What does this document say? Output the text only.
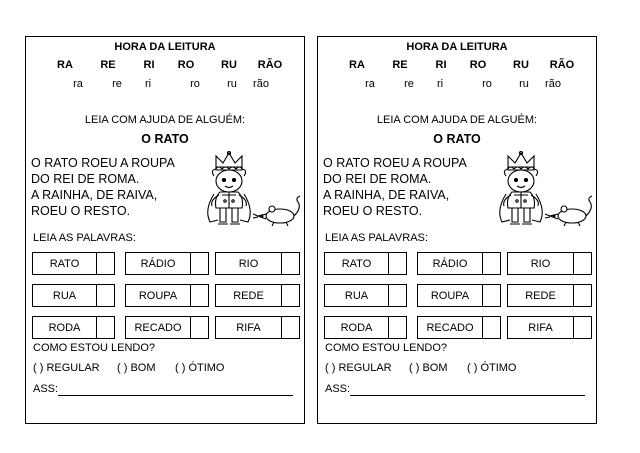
HORA DA LEITURA
RA RE	RI RO RU RÃO
ra	re ri	ro ru rão
LEIA COM AJUDA DE ALGUÉM:
O RATO
O RATO ROEU A ROUPA
DO REI DE ROMA.
A RAINHA, DE RAIVA,
ROEU O RESTO.
LEIA AS PALAVRAS:
RATO	RÁDIO	RIO
RUA	ROUPA	REDE
RODA	RECADO	RIFA
COMO ESTOU LENDO?
( ) REGULAR ( ) BOM ( ) ÓTIMO
ASS:
HORA DA LEITURA
RA RE	RI RO RU RÃO
ra	re ri	ro ru rão
LEIA COM AJUDA DE ALGUÉM:
O RATO
O RATO ROEU A ROUPA
DO REI DE ROMA.
A RAINHA, DE RAIVA,
ROEU O RESTO.
LEIA AS PALAVRAS:
RATO	RÁDIO	RIO
RUA	ROUPA	REDE
RODA	RECADO	RIFA
COMO ESTOU LENDO?
( ) REGULAR ( ) BOM ( ) ÓTIMO
ASS:
